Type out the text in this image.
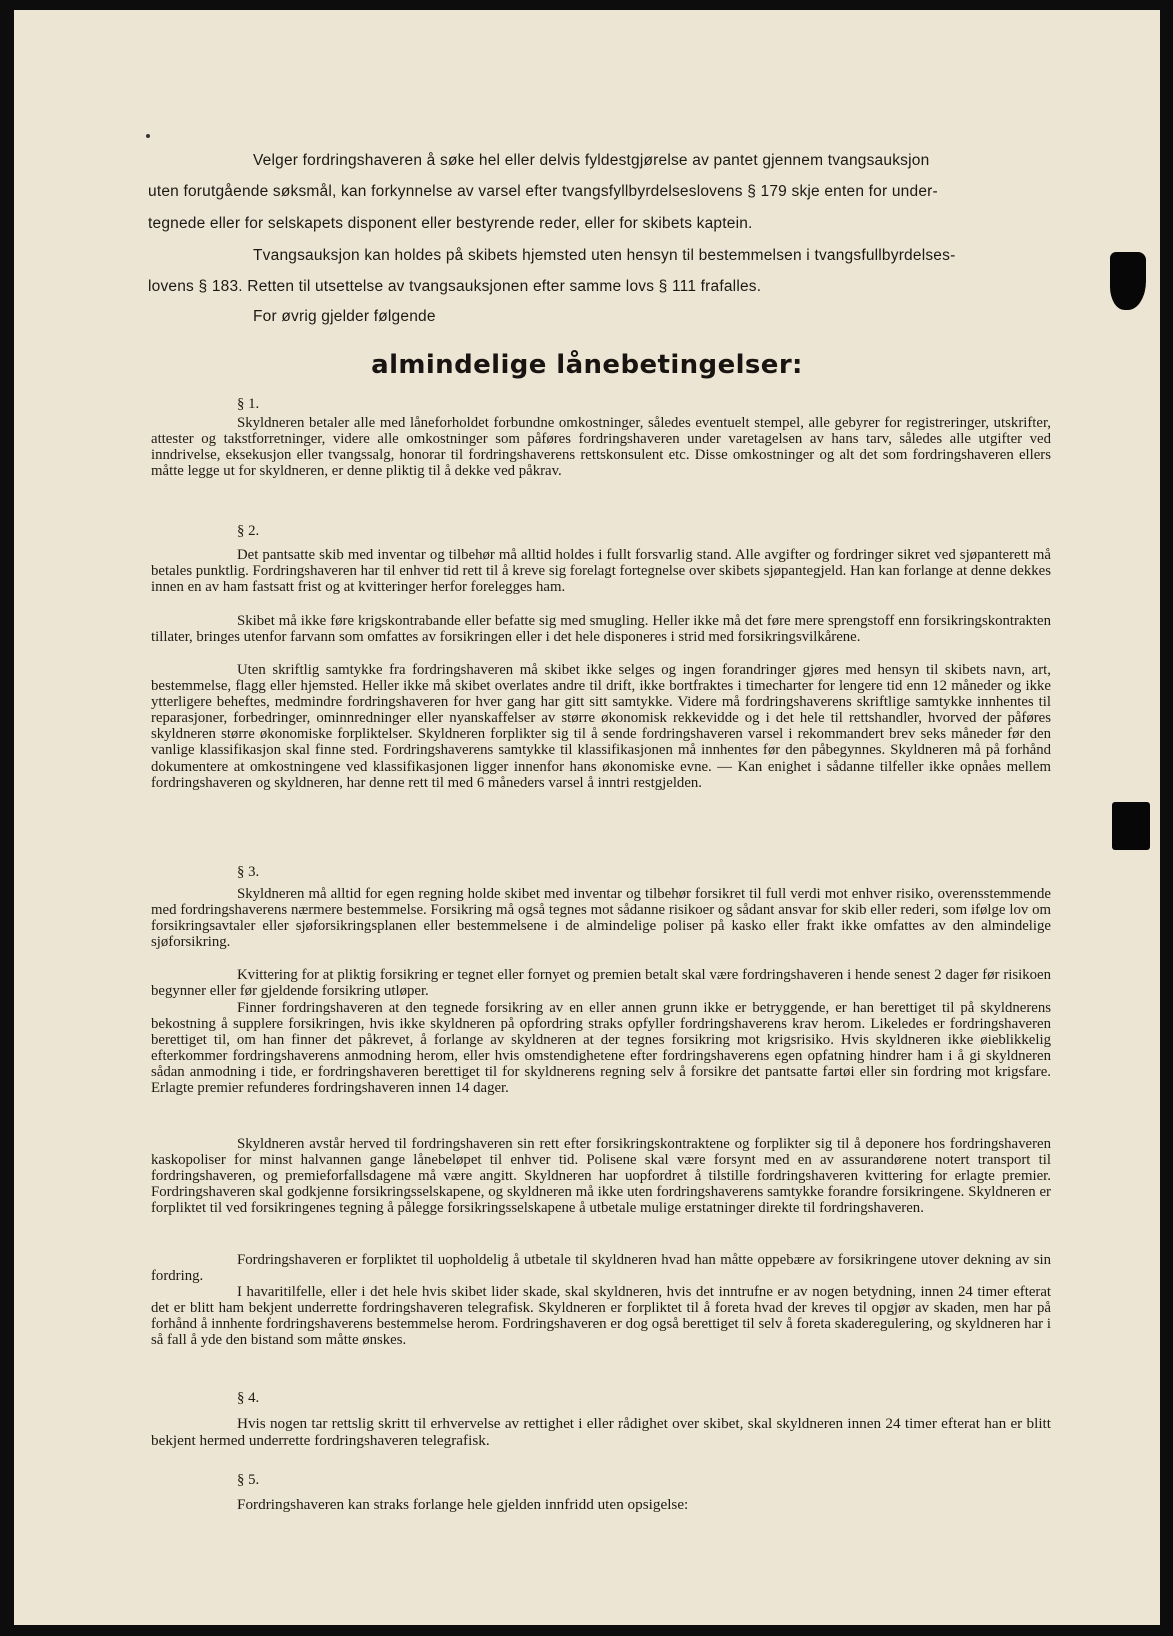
Velger fordringshaveren å søke hel eller delvis fyldestgjørelse av pantet gjennem tvangsauksjon

uten forutgående søksmål, kan forkynnelse av varsel efter tvangsfyllbyrdelseslovens § 179 skje enten for under-

tegnede eller for selskapets disponent eller bestyrende reder, eller for skibets kaptein.

Tvangsauksjon kan holdes på skibets hjemsted uten hensyn til bestemmelsen i tvangsfullbyrdelses-

lovens § 183. Retten til utsettelse av tvangsauksjonen efter samme lovs § 111 frafalles.

For øvrig gjelder følgende

almindelige lånebetingelser:

§ 1.

Skyldneren betaler alle med låneforholdet forbundne omkostninger, således eventuelt stempel, alle gebyrer for registreringer, utskrifter, attester og takstforretninger, videre alle omkostninger som påføres fordringshaveren under varetagelsen av hans tarv, således alle utgifter ved inndrivelse, eksekusjon eller tvangssalg, honorar til fordringshaverens rettskonsulent etc. Disse omkostninger og alt det som fordringshaveren ellers måtte legge ut for skyldneren, er denne pliktig til å dekke ved påkrav.

§ 2.

Det pantsatte skib med inventar og tilbehør må alltid holdes i fullt forsvarlig stand. Alle avgifter og fordringer sikret ved sjøpanterett må betales punktlig. Fordringshaveren har til enhver tid rett til å kreve sig forelagt fortegnelse over skibets sjøpantegjeld. Han kan forlange at denne dekkes innen en av ham fastsatt frist og at kvitteringer herfor forelegges ham.

Skibet må ikke føre krigskontrabande eller befatte sig med smugling. Heller ikke må det føre mere sprengstoff enn forsikringskontrakten tillater, bringes utenfor farvann som omfattes av forsikringen eller i det hele disponeres i strid med forsikringsvilkårene.

Uten skriftlig samtykke fra fordringshaveren må skibet ikke selges og ingen forandringer gjøres med hensyn til skibets navn, art, bestemmelse, flagg eller hjemsted. Heller ikke må skibet overlates andre til drift, ikke bortfraktes i timecharter for lengere tid enn 12 måneder og ikke ytterligere beheftes, medmindre fordringshaveren for hver gang har gitt sitt samtykke. Videre må fordringshaverens skriftlige samtykke innhentes til reparasjoner, forbedringer, ominnredninger eller nyanskaffelser av større økonomisk rekkevidde og i det hele til rettshandler, hvorved der påføres skyldneren større økonomiske forpliktelser. Skyldneren forplikter sig til å sende fordringshaveren varsel i rekommandert brev seks måneder før den vanlige klassifikasjon skal finne sted. Fordringshaverens samtykke til klassifikasjonen må innhentes før den påbegynnes. Skyldneren må på forhånd dokumentere at omkostningene ved klassifikasjonen ligger innenfor hans økonomiske evne. — Kan enighet i sådanne tilfeller ikke opnåes mellem fordringshaveren og skyldneren, har denne rett til med 6 måneders varsel å inntri restgjelden.

§ 3.

Skyldneren må alltid for egen regning holde skibet med inventar og tilbehør forsikret til full verdi mot enhver risiko, overensstemmende med fordringshaverens nærmere bestemmelse. Forsikring må også tegnes mot sådanne risikoer og sådant ansvar for skib eller rederi, som ifølge lov om forsikringsavtaler eller sjøforsikringsplanen eller bestemmelsene i de almindelige poliser på kasko eller frakt ikke omfattes av den almindelige sjøforsikring.

Kvittering for at pliktig forsikring er tegnet eller fornyet og premien betalt skal være fordringshaveren i hende senest 2 dager før risikoen begynner eller før gjeldende forsikring utløper.

Finner fordringshaveren at den tegnede forsikring av en eller annen grunn ikke er betryggende, er han berettiget til på skyldnerens bekostning å supplere forsikringen, hvis ikke skyldneren på opfordring straks opfyller fordringshaverens krav herom. Likeledes er fordringshaveren berettiget til, om han finner det påkrevet, å forlange av skyldneren at der tegnes forsikring mot krigsrisiko. Hvis skyldneren ikke øieblikkelig efterkommer fordringshaverens anmodning herom, eller hvis omstendighetene efter fordringshaverens egen opfatning hindrer ham i å gi skyldneren sådan anmodning i tide, er fordringshaveren berettiget til for skyldnerens regning selv å forsikre det pantsatte fartøi eller sin fordring mot krigsfare. Erlagte premier refunderes fordringshaveren innen 14 dager.

Skyldneren avstår herved til fordringshaveren sin rett efter forsikringskontraktene og forplikter sig til å deponere hos fordringshaveren kaskopoliser for minst halvannen gange lånebeløpet til enhver tid. Polisene skal være forsynt med en av assurandørene notert transport til fordringshaveren, og premieforfallsdagene må være angitt. Skyldneren har uopfordret å tilstille fordringshaveren kvittering for erlagte premier. Fordringshaveren skal godkjenne forsikringsselskapene, og skyldneren må ikke uten fordringshaverens samtykke forandre forsikringene. Skyldneren er forpliktet til ved forsikringenes tegning å pålegge forsikringsselskapene å utbetale mulige erstatninger direkte til fordringshaveren.

Fordringshaveren er forpliktet til uopholdelig å utbetale til skyldneren hvad han måtte oppebære av forsikringene utover dekning av sin fordring.

I havaritilfelle, eller i det hele hvis skibet lider skade, skal skyldneren, hvis det inntrufne er av nogen betydning, innen 24 timer efterat det er blitt ham bekjent underrette fordringshaveren telegrafisk. Skyldneren er forpliktet til å foreta hvad der kreves til opgjør av skaden, men har på forhånd å innhente fordringshaverens bestemmelse herom. Fordringshaveren er dog også berettiget til selv å foreta skaderegulering, og skyldneren har i så fall å yde den bistand som måtte ønskes.

§ 4.

Hvis nogen tar rettslig skritt til erhvervelse av rettighet i eller rådighet over skibet, skal skyldneren innen 24 timer efterat han er blitt bekjent hermed underrette fordringshaveren telegrafisk.

§ 5.

Fordringshaveren kan straks forlange hele gjelden innfridd uten opsigelse:
